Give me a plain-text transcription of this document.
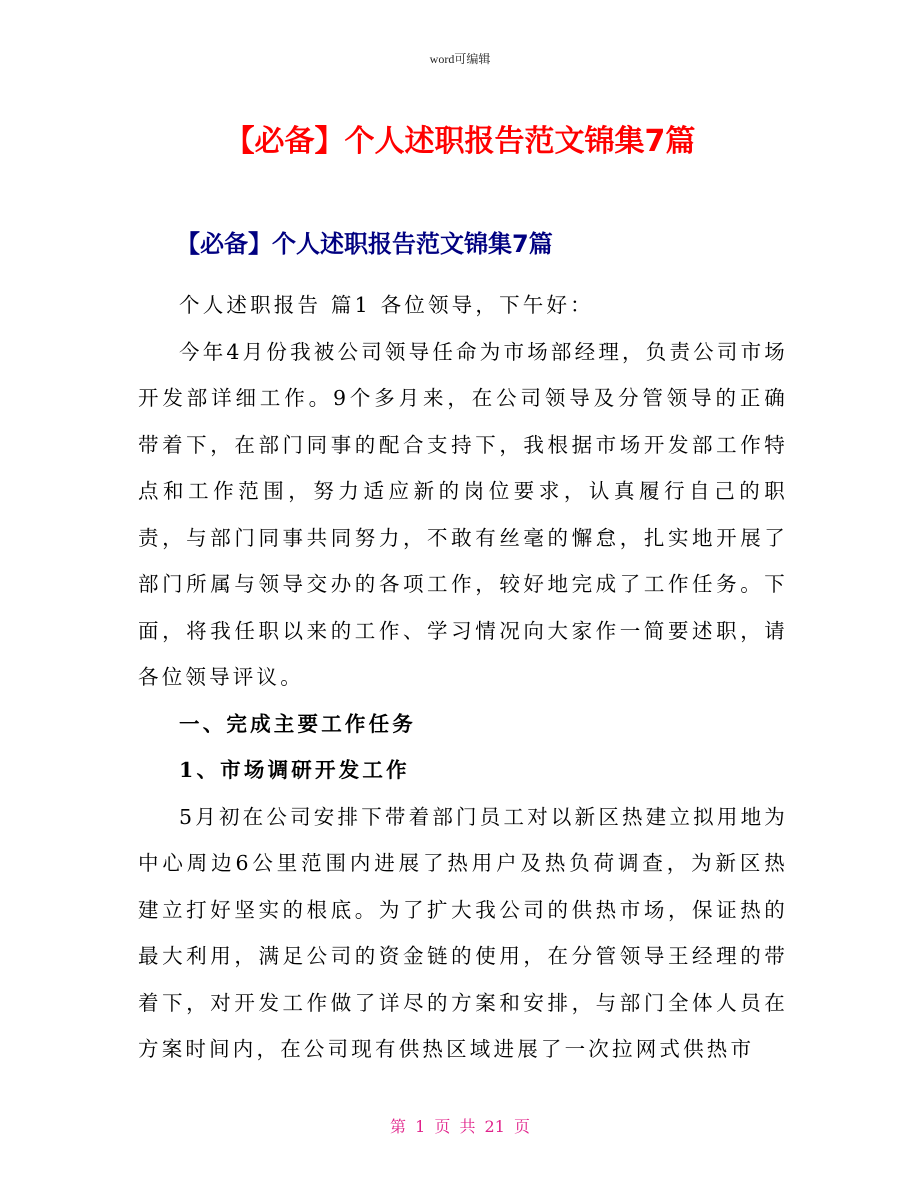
word可编辑
【必备】个人述职报告范文锦集7篇
【必备】个人述职报告范文锦集7篇

个人述职报告 篇1 各位领导，下午好：

今年4月份我被公司领导任命为市场部经理，负责公司市场开发部详细工作。9个多月来，在公司领导及分管领导的正确带着下，在部门同事的配合支持下，我根据市场开发部工作特点和工作范围，努力适应新的岗位要求，认真履行自己的职责，与部门同事共同努力，不敢有丝毫的懈怠，扎实地开展了部门所属与领导交办的各项工作，较好地完成了工作任务。下面，将我任职以来的工作、学习情况向大家作一简要述职，请各位领导评议。

一、完成主要工作任务

1、市场调研开发工作

5月初在公司安排下带着部门员工对以新区热建立拟用地为中心周边6公里范围内进展了热用户及热负荷调查，为新区热建立打好坚实的根底。为了扩大我公司的供热市场，保证热的最大利用，满足公司的资金链的使用，在分管领导王经理的带着下，对开发工作做了详尽的方案和安排，与部门全体人员在方案时间内，在公司现有供热区域进展了一次拉网式供热市

第 1 页 共 21 页
